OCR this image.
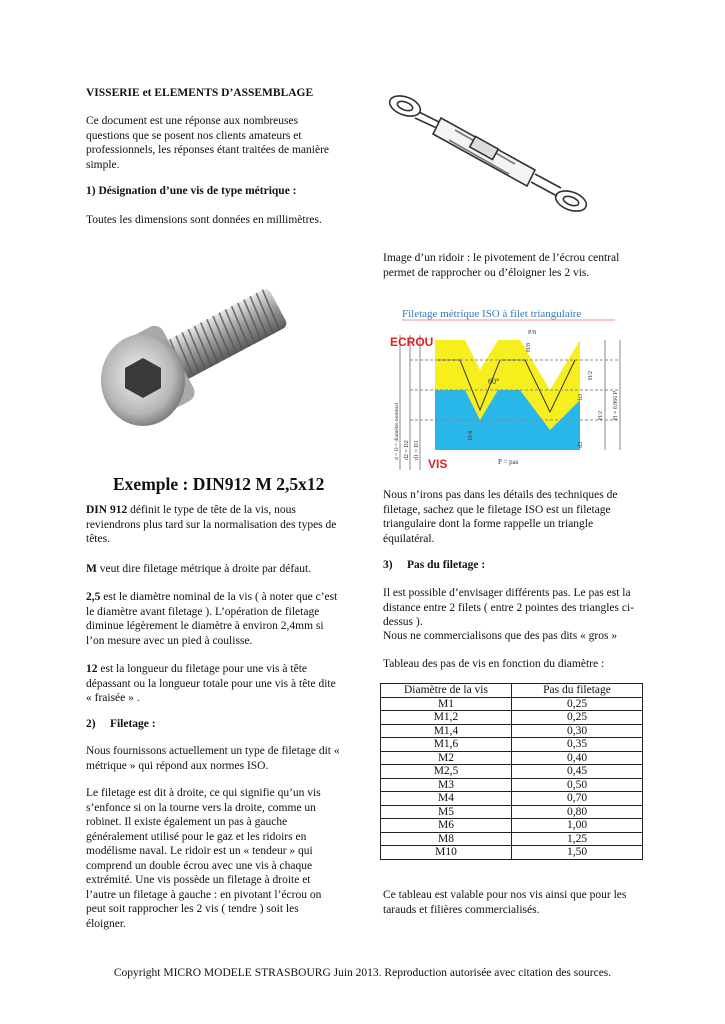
VISSERIE et ELEMENTS D’ASSEMBLAGE

Ce document est une réponse aux nombreuses questions que se posent nos clients amateurs et professionnels, les réponses étant traitées de manière simple.

1) Désignation d’une vis de type métrique :

Toutes les dimensions sont données en millimètres.

Exemple : DIN912 M 2,5x12

DIN 912 définit le type de tête de la vis, nous reviendrons plus tard sur la normalisation des types de têtes.

M veut dire filetage métrique à droite par défaut.

2,5 est le diamètre nominal de la vis ( à noter que c’est le diamètre avant filetage ). L’opération de filetage diminue légèrement le diamètre à environ 2,4mm si l’on mesure avec un pied à coulisse.

12 est la longueur du filetage pour une vis à tête dépassant ou la longueur totale pour une vis à tête dite « fraisée » .

2)     Filetage :

Nous fournissons actuellement un type de filetage dit « métrique » qui répond aux normes ISO.

Le filetage est dit à droite, ce qui signifie qu’un vis s’enfonce si on la tourne vers la droite, comme un robinet. Il existe également un pas à gauche généralement utilisé pour le gaz et les ridoirs en modélisme naval. Le ridoir est un « tendeur » qui comprend un double écrou avec une vis à chaque extrémité. Une vis possède un filetage à droite et l’autre un filetage à gauche : en pivotant l’écrou on peut soit rapprocher les 2 vis ( tendre ) soit les éloigner.

Image d’un ridoir : le pivotement de l’écrou central permet de rapprocher ou d’éloigner les 2 vis.

Filetage métrique ISO à filet triangulaire
ECROU
VIS
60°
P = pas
P/8
H/8
H/4
H/2
H = 0,866 P
H/2
h3
d3
d = D = diamètre nominal d2 = D2 d1 = D1

Nous n’irons pas dans les détails des techniques de filetage, sachez que le filetage ISO est un filetage triangulaire dont la forme rappelle un triangle équilatéral.

3)     Pas du filetage :

Il est possible d’envisager différents pas. Le pas est la distance entre 2 filets ( entre 2 pointes des triangles ci-dessus ).

Nous ne commercialisons que des pas dits « gros »

Tableau des pas de vis en fonction du diamètre :

Diamètre de la vis	Pas du filetage
M1	0,25
M1,2	0,25
M1,4	0,30
M1,6	0,35
M2	0,40
M2,5	0,45
M3	0,50
M4	0,70
M5	0,80
M6	1,00
M8	1,25
M10	1,50

Ce tableau est valable pour nos vis ainsi que pour les tarauds et filières commercialisés.

Copyright MICRO MODELE STRASBOURG Juin 2013. Reproduction autorisée avec citation des sources.
